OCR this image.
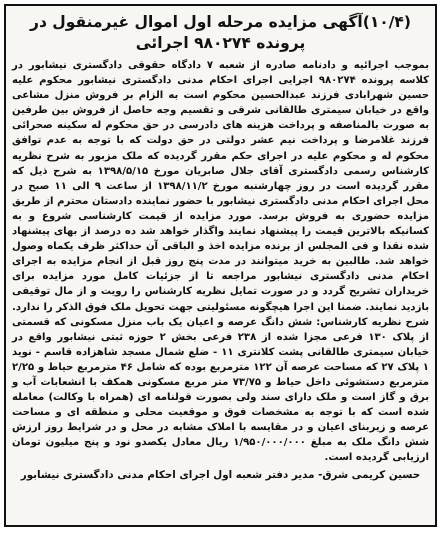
(۱۰/۴)آگهی مزایده مرحله اول اموال غیرمنقول در پرونده ۹۸۰۲۷۴ اجرائی

بموجب اجرائیه و دادنامه صادره از شعبه ۷ دادگاه حقوقی دادگستری نیشابور در کلاسه پرونده ۹۸۰۲۷۴ اجرایی اجرای احکام مدنی دادگستری نیشابور محکوم علیه حسین شهرابادی فرزند عبدالحسین محکوم است به الزام بر فروش منزل مشاعی واقع در خیابان سیمتری طالقانی شرقی و تقسیم وجه حاصل از فروش بین طرفین به صورت بالمناصفه و پرداخت هزینه های دادرسی در حق محکوم له سکینه صحرائی فرزند غلامرضا و پرداخت نیم عشر دولتی در حق دولت که با توجه به عدم توافق محکوم له و محکوم علیه در اجرای حکم مقرر گردیده که ملک مزبور به شرح نظریه کارشناس رسمی دادگستری آقای جلال صابریان مورخ ۱۳۹۸/۵/۱۵ به شرح ذیل که مقرر گردیده است در روز چهارشنبه مورخ ۱۳۹۸/۱۱/۲ از ساعت ۹ الی ۱۱ صبح در محل اجرای احکام مدنی دادگستری نیشابور با حضور نماینده دادستان محترم از طریق مزایده حضوری به فروش برسد. مورد مزایده از قیمت کارشناسی شروع و به کسانیکه بالاترین قیمت را پیشنهاد نمایند واگذار خواهد شد ده درصد از بهای پیشنهاد شده نقدا و فی المجلس از برنده مزایده اخذ و الباقی آن حداکثر ظرف یکماه وصول خواهد شد. طالبین به خرید میتوانند در مدت پنج روز قبل از انجام مزایده به اجرای احکام مدنی دادگستری نیشابور مراجعه تا از جزئیات کامل مورد مزایده برای خریداران تشریح گردد و در صورت تمایل نظریه کارشناس را رویت و از مال توقیفی بازدید نمایند. ضمنا این اجرا هیچگونه مسئولیتی جهت تحویل ملک فوق الذکر را ندارد. شرح نظریه کارشناس: شش دانگ عرصه و اعیان یک باب منزل مسکونی که قسمتی از پلاک ۱۳۰ فرعی مجزا شده از ۲۳۸ فرعی بخش ۲ حوزه ثبتی نیشابور واقع در خیابان سیمتری طالقانی پشت کلانتری ۱۱ - ضلع شمال مسجد شاهزاده قاسم - نوید ۱ پلاک ۲۷ که مساحت عرصه آن ۱۲۲ مترمربع بوده که شامل ۴۶ مترمربع حیاط و ۲/۲۵ مترمربع دستشوئی داخل حیاط و ۷۳/۷۵ متر مربع مسکونی همکف با انشعابات آب و برق و گاز است و ملک دارای سند ولی بصورت قولنامه ای (همراه با وکالت) معامله شده است که با توجه به مشخصات فوق و موقعیت محلی و منطقه ای و مساحت عرصه و زیربنای اعیان و در مقایسه با املاک مشابه در محل و در شرایط روز ارزش شش دانگ ملک به مبلغ ۱/۹۵۰/۰۰۰/۰۰۰ ریال معادل یکصدو نود و پنج میلیون تومان ارزیابی گردیده است.

حسین کریمی شرق- مدیر دفتر شعبه اول اجرای احکام مدنی دادگستری نیشابور
